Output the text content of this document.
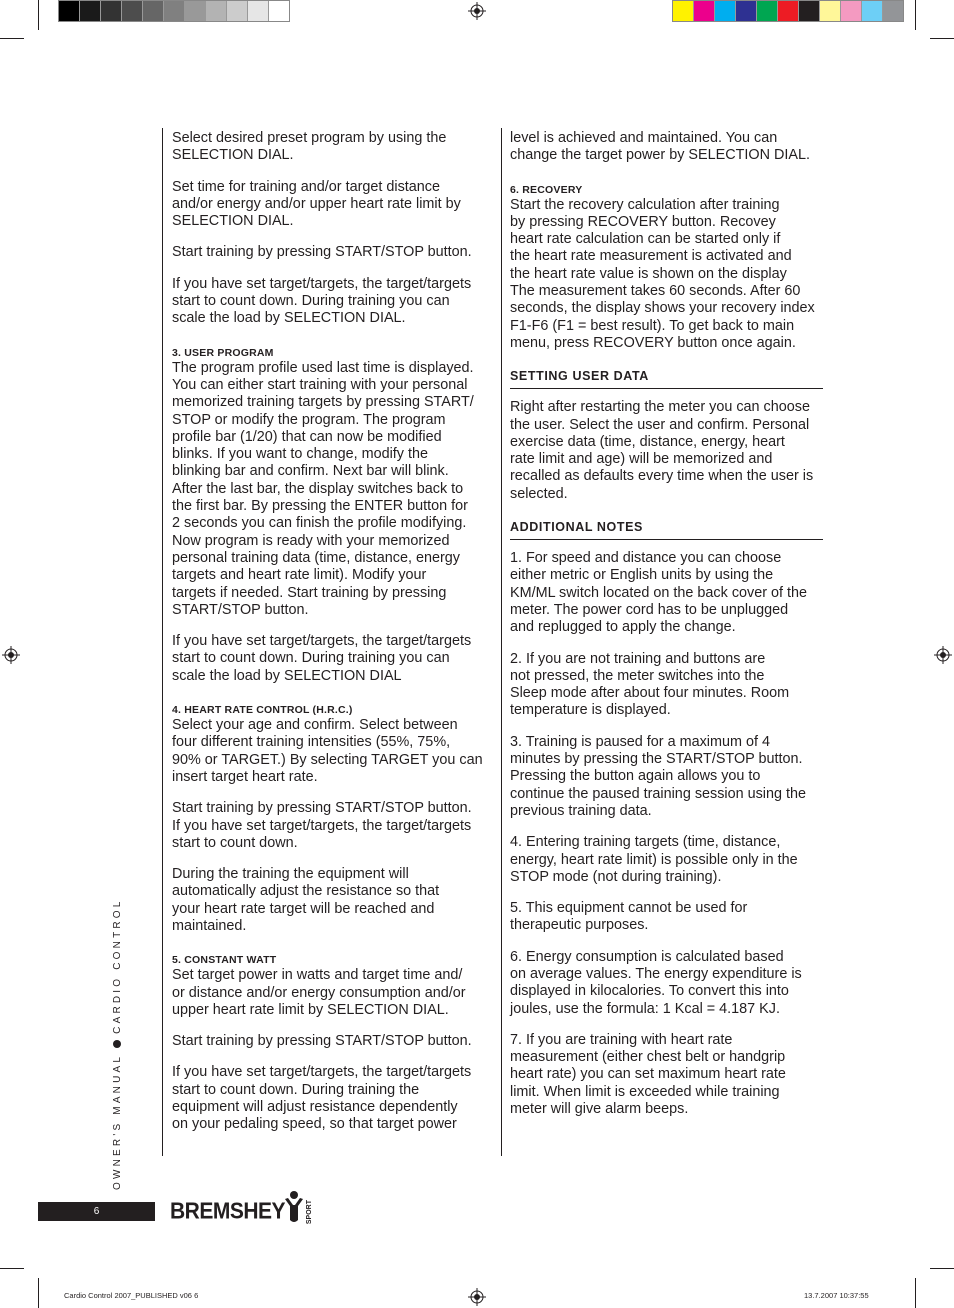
Select desired preset program by using the
SELECTION DIAL.

Set time for training and/or target distance
and/or energy and/or upper heart rate limit by
SELECTION DIAL.

Start training by pressing START/STOP button.

If you have set target/targets, the target/targets
start to count down. During training you can
scale the load by SELECTION DIAL.

3. USER PROGRAM

The program profile used last time is displayed.
You can either start training with your personal
memorized training targets by pressing START/
STOP or modify the program. The program
profile bar (1/20) that can now be modified
blinks. If you want to change, modify the
blinking bar and confirm. Next bar will blink.
After the last bar, the display switches back to
the first bar. By pressing the ENTER button for
2 seconds you can finish the profile modifying.
Now program is ready with your memorized
personal training data (time, distance, energy
targets and heart rate limit). Modify your
targets if needed. Start training by pressing
START/STOP button.

If you have set target/targets, the target/targets
start to count down. During training you can
scale the load by SELECTION DIAL

4. HEART RATE CONTROL (H.R.C.)

Select your age and confirm. Select between
four different training intensities (55%, 75%,
90% or TARGET.) By selecting TARGET you can
insert target heart rate.

Start training by pressing START/STOP button.
If you have set target/targets, the target/targets
start to count down.

During the training the equipment will
automatically adjust the resistance so that
your heart rate target will be reached and
maintained.

5. CONSTANT WATT

Set target power in watts and target time and/
or distance and/or energy consumption and/or
upper heart rate limit by SELECTION DIAL.

Start training by pressing START/STOP button.

If you have set target/targets, the target/targets
start to count down. During training the
equipment will adjust resistance dependently
on your pedaling speed, so that target power

level is achieved and maintained. You can
change the target power by SELECTION DIAL.

6. RECOVERY

Start the recovery calculation after training
by pressing RECOVERY button. Recovey
heart rate calculation can be started only if
the heart rate measurement is activated and
the heart rate value is shown on the display
The measurement takes 60 seconds. After 60
seconds, the display shows your recovery index
F1-F6 (F1 = best result). To get back to main
menu, press RECOVERY button once again.

SETTING USER DATA

Right after restarting the meter you can choose
the user. Select the user and confirm. Personal
exercise data (time, distance, energy, heart
rate limit and age) will be memorized and
recalled as defaults every time when the user is
selected.

ADDITIONAL NOTES

1. For speed and distance you can choose
either metric or English units by using the
KM/ML switch located on the back cover of the
meter. The power cord has to be unplugged
and replugged to apply the change.

2. If you are not training and buttons are
not pressed, the meter switches into the
Sleep mode after about four minutes. Room
temperature is displayed.

3. Training is paused for a maximum of 4
minutes by pressing the START/STOP button.
Pressing the button again allows you to
continue the paused training session using the
previous training data.

4. Entering training targets (time, distance,
energy, heart rate limit) is possible only in the
STOP mode (not during training).

5. This equipment cannot be used for
therapeutic purposes.

6. Energy consumption is calculated based
on average values. The energy expenditure is
displayed in kilocalories. To convert this into
joules, use the formula: 1 Kcal = 4.187 KJ.

7. If you are training with heart rate
measurement (either chest belt or handgrip
heart rate) you can set maximum heart rate
limit. When limit is exceeded while training
meter will give alarm beeps.

OWNER'S MANUALCARDIO CONTROL
6	BREMSHEY	SPORT
Cardio Control 2007_PUBLISHED v06 6	13.7.2007 10:37:55
